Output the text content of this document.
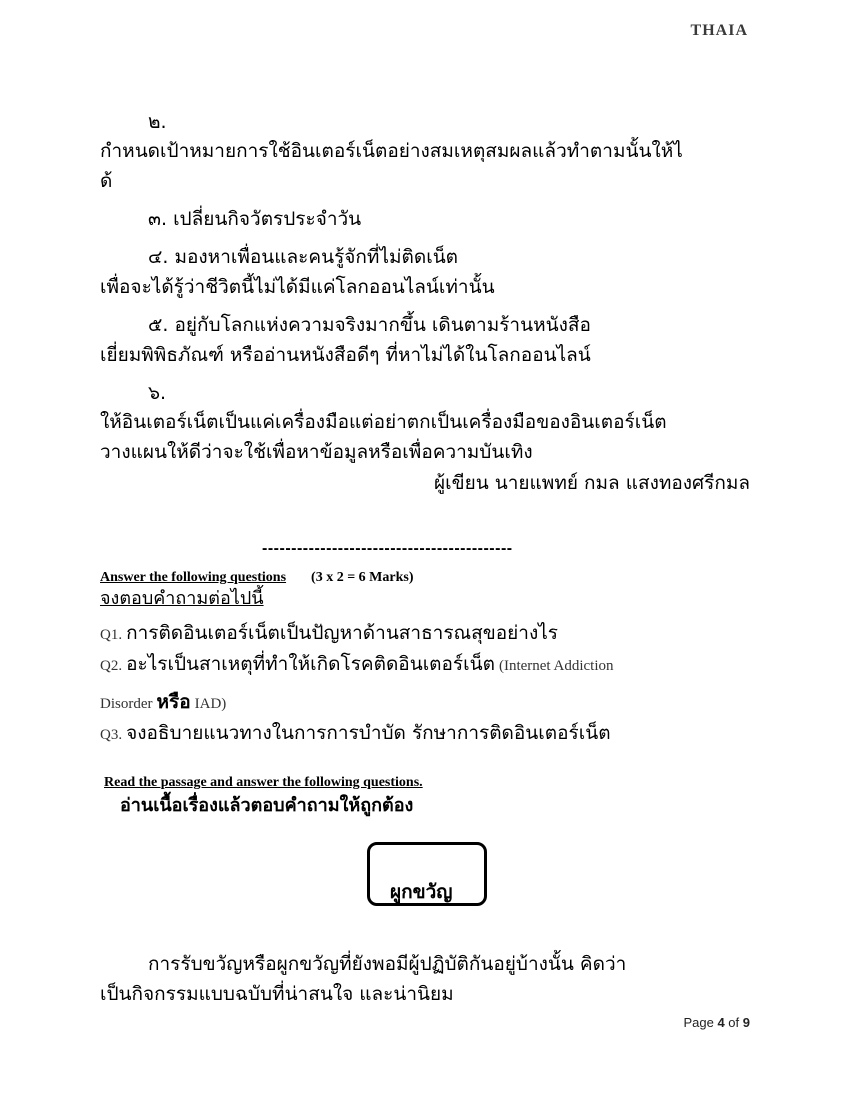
THAIA
๒.
กำหนดเป้าหมายการใช้อินเตอร์เน็ตอย่างสมเหตุสมผลแล้วทำตามนั้นให้ไ
ด้
๓. เปลี่ยนกิจวัตรประจำวัน
๔. มองหาเพื่อนและคนรู้จักที่ไม่ติดเน็ต
เพื่อจะได้รู้ว่าชีวิตนี้ไม่ได้มีแค่โลกออนไลน์เท่านั้น
๕. อยู่กับโลกแห่งความจริงมากขึ้น เดินตามร้านหนังสือ
เยี่ยมพิพิธภัณฑ์ หรืออ่านหนังสือดีๆ ที่หาไม่ได้ในโลกออนไลน์
๖.
ให้อินเตอร์เน็ตเป็นแค่เครื่องมือแต่อย่าตกเป็นเครื่องมือของอินเตอร์เน็ต
วางแผนให้ดีว่าจะใช้เพื่อหาข้อมูลหรือเพื่อความบันเทิง
ผู้เขียน นายแพทย์ กมล แสงทองศรีกมล
-------------------------------------------
Answer the following questions (3 x 2 = 6 Marks)
จงตอบคำถามต่อไปนี้
Q1. การติดอินเตอร์เน็ตเป็นปัญหาด้านสาธารณสุขอย่างไร
Q2. อะไรเป็นสาเหตุที่ทำให้เกิดโรคติดอินเตอร์เน็ต (Internet Addiction
Disorder หรือ IAD)
Q3. จงอธิบายแนวทางในการการบำบัด รักษาการติดอินเตอร์เน็ต
Read the passage and answer the following questions.
อ่านเนื้อเรื่องแล้วตอบคำถามให้ถูกต้อง
ผูกขวัญ
การรับขวัญหรือผูกขวัญที่ยังพอมีผู้ปฏิบัติกันอยู่บ้างนั้น คิดว่า
เป็นกิจกรรมแบบฉบับที่น่าสนใจ และน่านิยม
Page 4 of 9
